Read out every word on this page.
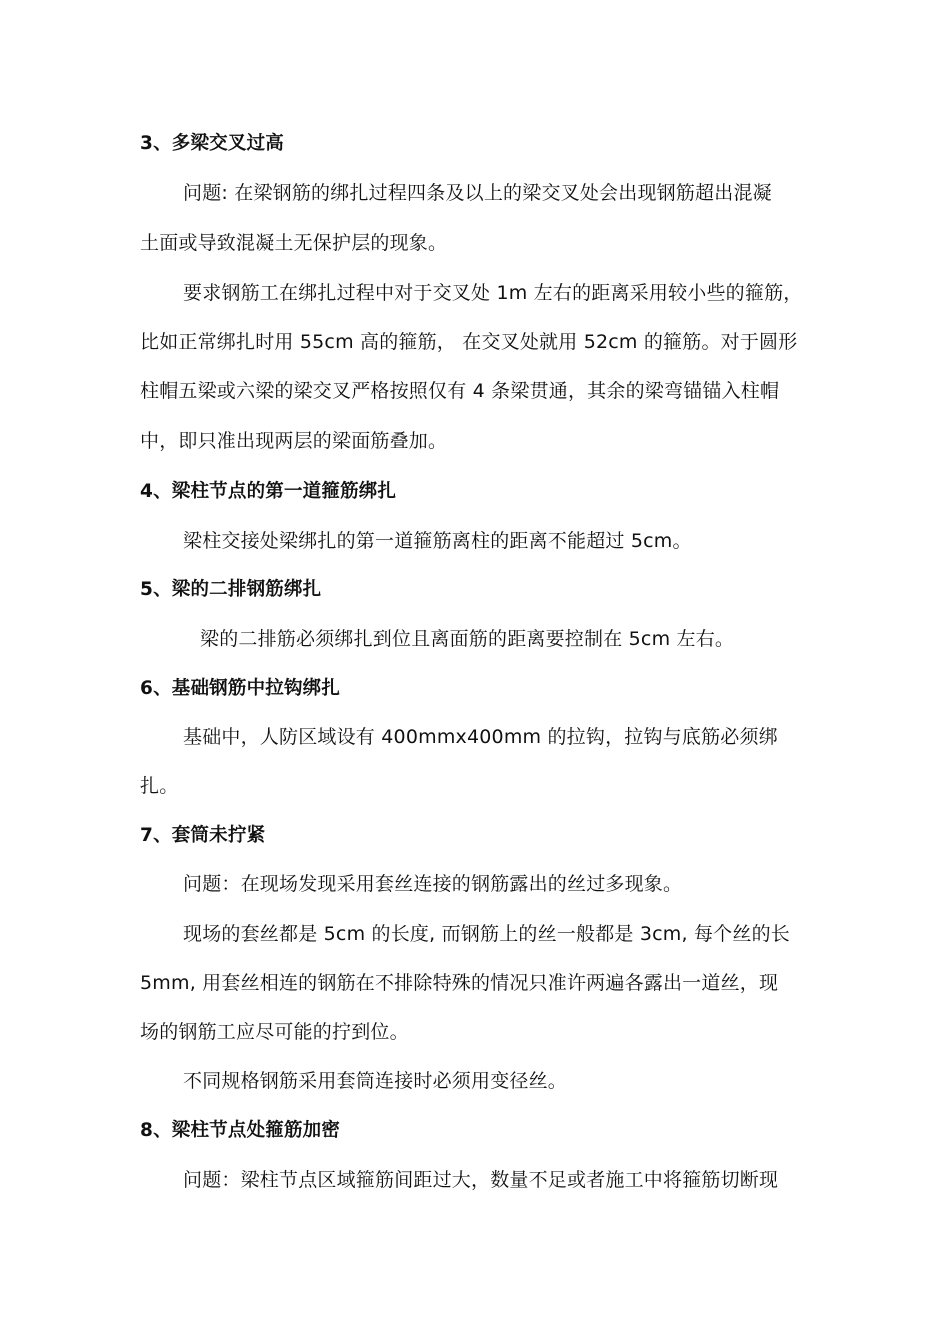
3、多梁交叉过高
问题: 在梁钢筋的绑扎过程四条及以上的梁交叉处会出现钢筋超出混凝
土面或导致混凝土无保护层的现象。
要求钢筋工在绑扎过程中对于交叉处 1m 左右的距离采用较小些的箍筋，
比如正常绑扎时用 55cm 高的箍筋， 在交叉处就用 52cm 的箍筋。对于圆形
柱帽五梁或六梁的梁交叉严格按照仅有 4 条梁贯通，其余的梁弯锚锚入柱帽
中，即只准出现两层的梁面筋叠加。
4、梁柱节点的第一道箍筋绑扎
梁柱交接处梁绑扎的第一道箍筋离柱的距离不能超过 5cm。
5、梁的二排钢筋绑扎
梁的二排筋必须绑扎到位且离面筋的距离要控制在 5cm 左右。
6、基础钢筋中拉钩绑扎
基础中，人防区域设有 400mmx400mm 的拉钩，拉钩与底筋必须绑
扎。
7、套筒未拧紧
问题：在现场发现采用套丝连接的钢筋露出的丝过多现象。
现场的套丝都是 5cm 的长度, 而钢筋上的丝一般都是 3cm, 每个丝的长
5mm, 用套丝相连的钢筋在不排除特殊的情况只准许两遍各露出一道丝，现
场的钢筋工应尽可能的拧到位。
不同规格钢筋采用套筒连接时必须用变径丝。
8、梁柱节点处箍筋加密
问题：梁柱节点区域箍筋间距过大，数量不足或者施工中将箍筋切断现
